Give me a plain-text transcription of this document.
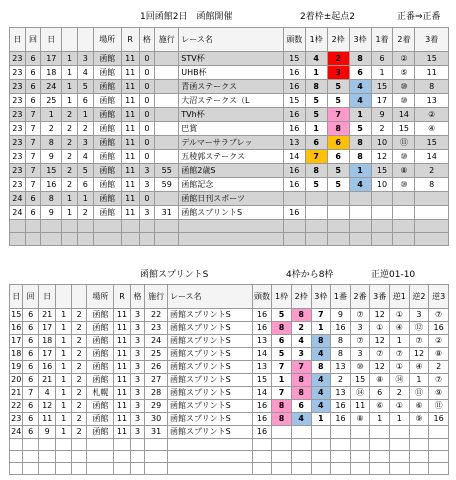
1回函館2日　函館開催	2着枠±起点2	正番⇒正番
日	回	日			場所	R	格	施行	レース名	頭数	1枠	2枠	3枠	1着	2着	3着
23	6	17	1	3	函館	11	0		STV杯	15	4	2	8	6	②	15
23	6	18	1	4	函館	11	0		UHB杯	16	1	3	6	1	⑤	11
23	6	24	1	5	函館	11	0		青函ステークス	16	8	5	4	15	⑩	8
23	6	25	1	6	函館	11	0		大沼ステークス（L	15	5	5	4	17	⑩	13
23	7	1	2	1	函館	11	0		TVh杯	16	5	7	1	9	14	②
23	7	2	2	2	函館	11	0		巴賞	16	1	8	5	2	15	④
23	7	8	2	3	函館	11	0		デルマーサラブレッ	13	6	6	8	10	⑪	15
23	7	9	2	4	函館	11	0		五稜郭ステークス	14	7	6	8	12	⑩	14
23	7	15	2	5	函館	11	3	55	函館2歳S	16	8	5	1	15	⑧	2
23	7	16	2	6	函館	11	3	59	函館記念	16	5	5	4	10	⑩	8
24	6	8	1	1	函館	11	0		函館日刊スポーツ							
24	6	9	1	2	函館	11	3	31	函館スプリントS	16						

函館スプリントS	4枠から8枠	正逆01-10
日	回	日			場所	R	格	施行	レース名	頭数	1枠	2枠	3枠	1番	2番	3番	逆1	逆2	逆3
15	6	21	1	2	函館	11	3	22	函館スプリントS	16	5	8	7	9	⑦	12	①	3	⑦
16	6	17	1	2	函館	11	3	23	函館スプリントS	16	8	2	1	16	3	①	④	⑫	16
17	6	18	1	2	函館	11	3	24	函館スプリントS	13	6	4	8	8	⑦	12	1	⑦	②
18	6	17	1	2	函館	11	3	25	函館スプリントS	14	5	3	4	8	3	⑦	⑦	12	⑧
19	6	16	1	2	函館	11	3	26	函館スプリントS	13	7	7	8	13	⑩	12	①	④	2
20	6	21	1	2	函館	11	3	27	函館スプリントS	15	1	8	4	2	15	⑧	⑭	1	⑦
21	7	4	1	2	札幌	11	3	28	函館スプリントS	14	7	8	4	13	⑭	6	2	⑪	⑨
22	6	12	1	2	函館	11	3	29	函館スプリントS	16	8	6	4	16	11	⑥	①	⑥	⑪
23	6	11	1	2	函館	11	3	30	函館スプリントS	16	8	4	1	16	⑧	1	1	⑨	16
24	6	9	1	2	函館	11	3	31	函館スプリントS	16									
